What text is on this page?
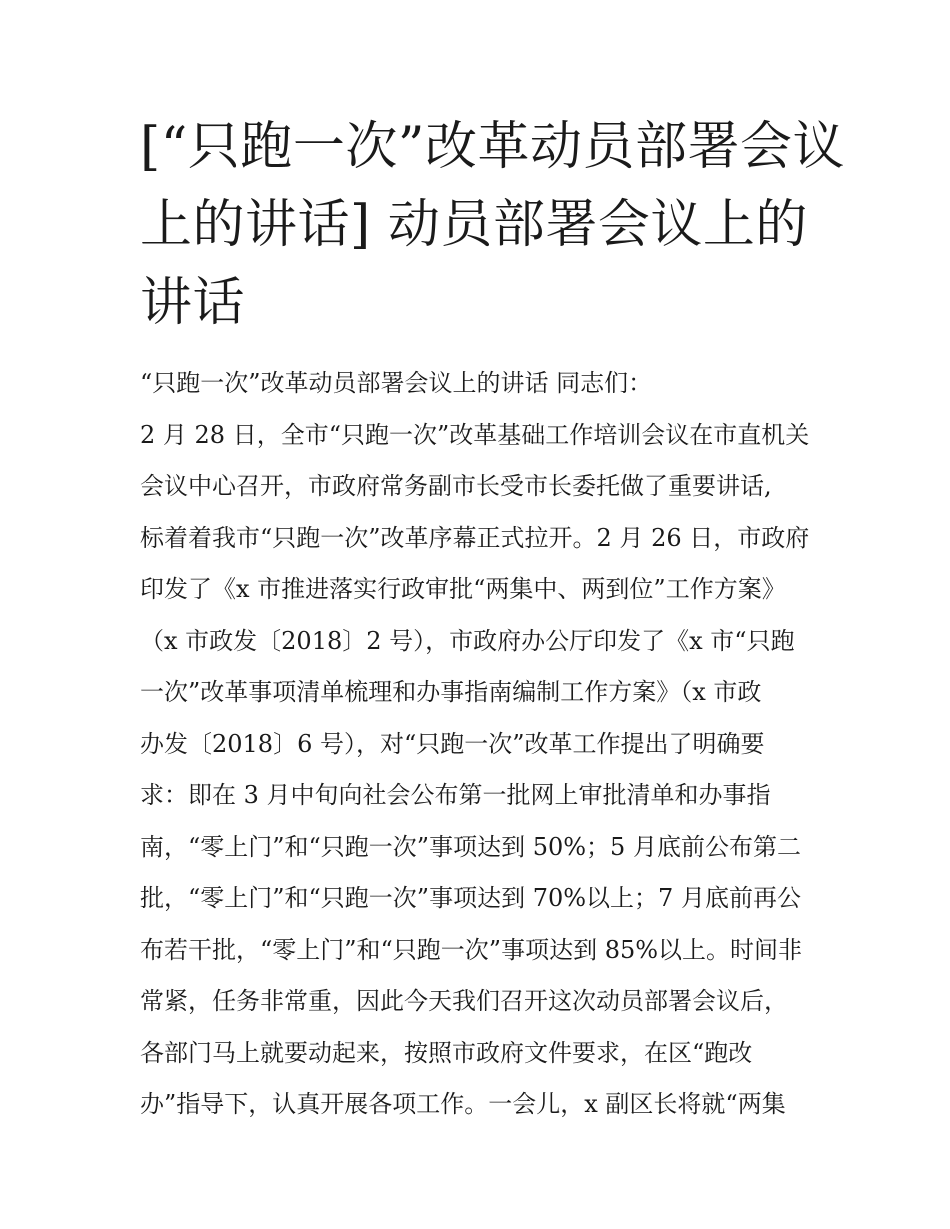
[“只跑一次”改革动员部署会议
上的讲话] 动员部署会议上的
讲话
“只跑一次”改革动员部署会议上的讲话 同志们：
2 月 28 日，全市“只跑一次”改革基础工作培训会议在市直机关
会议中心召开，市政府常务副市长受市长委托做了重要讲话,
标着着我市“只跑一次”改革序幕正式拉开。2 月 26 日，市政府
印发了《x 市推进落实行政审批“两集中、两到位”工作方案》
（x 市政发〔2018〕2 号），市政府办公厅印发了《x 市“只跑
一次”改革事项清单梳理和办事指南编制工作方案》（x 市政
办发〔2018〕6 号），对“只跑一次”改革工作提出了明确要
求：即在 3 月中旬向社会公布第一批网上审批清单和办事指
南，“零上门”和“只跑一次”事项达到 50%；5 月底前公布第二
批，“零上门”和“只跑一次”事项达到 70%以上；7 月底前再公
布若干批，“零上门”和“只跑一次”事项达到 85%以上。时间非
常紧，任务非常重，因此今天我们召开这次动员部署会议后，
各部门马上就要动起来，按照市政府文件要求，在区“跑改
办”指导下，认真开展各项工作。一会儿，x 副区长将就“两集
